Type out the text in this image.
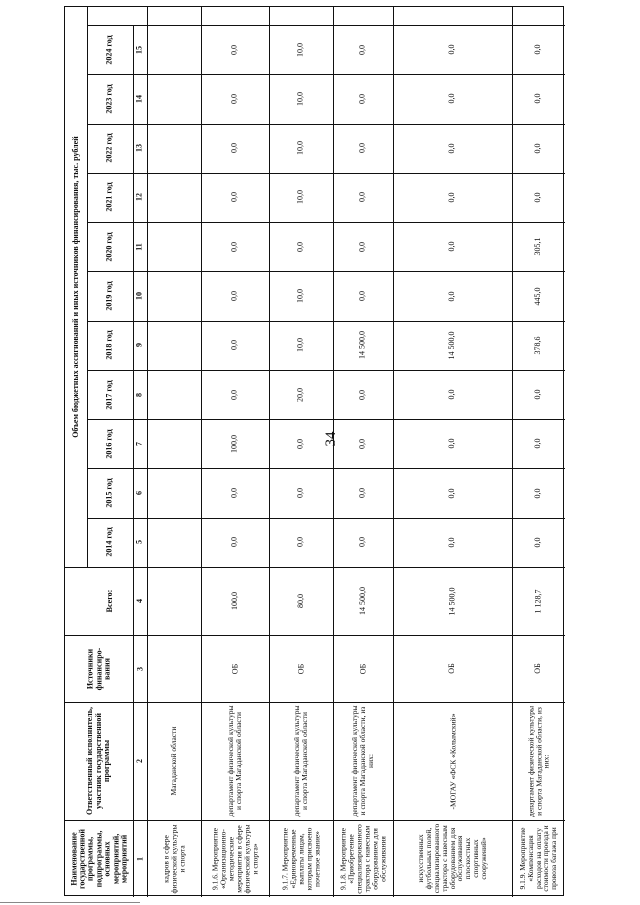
34
Наименование государственной программы, подпрограммы, основных мероприятий, мероприятий
Ответственный исполнитель, участник государственной программы
Источники финансиро-вания
Всего:
Объем бюджетных ассигнований и иных источников финансирования, тыс. рублей
2014 год
2015 год
2016 год
2017 год
2018 год
2019 год
2020 год
2021 год
2022 год
2023 год
2024 год
1
2
3
4
5
6
7
8
9
10
11
12
13
14
15
кадров в сфере физической культуры и спорта
Магаданской области
9.1.6. Мероприятие «Организационно-методические мероприятия в сфере физической культуры и спорта»
департамент физической культуры и спорта Магаданской области
ОБ
100,0
0,0
0,0
100,0
0,0
0,0
0,0
0,0
0,0
0,0
0,0
0,0
9.1.7. Мероприятие «Единовременные выплаты лицам, которым присвоено почетное звание»
департамент физической культуры и спорта Магаданской области
ОБ
80,0
0,0
0,0
0,0
20,0
10,0
10,0
0,0
10,0
10,0
10,0
10,0
9.1.8. Мероприятие «Приобретение специализированного трактора с навесным оборудованием для обслуживания
департамент физической культуры и спорта Магаданской области, из них:
ОБ
14 500,0
0,0
0,0
0,0
0,0
14 500,0
0,0
0,0
0,0
0,0
0,0
0,0
искусственных футбольных полей, специализированного трактора с навесным оборудованием для обслуживания плоскостных спортивных сооружений»
-МОГАУ «ФСК «Колымский»
ОБ
14 500,0
0,0
0,0
0,0
0,0
14 500,0
0,0
0,0
0,0
0,0
0,0
0,0
9.1.9. Мероприятие «Компенсация расходов на оплату стоимости проезда и провоза багажа при
департамент физической культуры и спорта Магаданской области, из них:
ОБ
1 128,7
0,0
0,0
0,0
0,0
378,6
445,0
305,1
0,0
0,0
0,0
0,0
